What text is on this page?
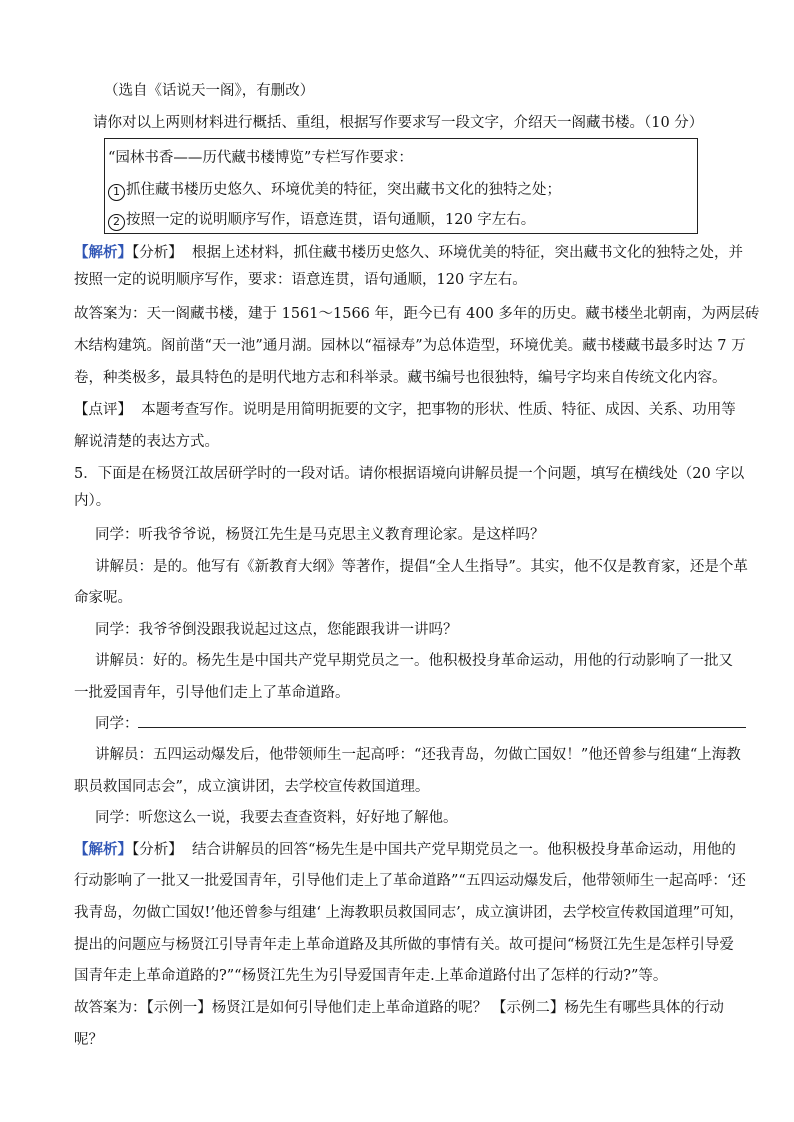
（选自《话说天一阁》，有删改）
请你对以上两则材料进行概括、重组，根据写作要求写一段文字，介绍天一阁藏书楼。（10 分）
“园林书香——历代藏书楼博览”专栏写作要求：
1 抓住藏书楼历史悠久、环境优美的特征，突出藏书文化的独特之处；
2 按照一定的说明顺序写作，语意连贯，语句通顺，120 字左右。
【解析】【分析】 根据上述材料，抓住藏书楼历史悠久、环境优美的特征，突出藏书文化的独特之处，并
按照一定的说明顺序写作，要求：语意连贯，语句通顺，120 字左右。
故答案为：天一阁藏书楼，建于 1561～1566 年，距今已有 400 多年的历史。藏书楼坐北朝南，为两层砖
木结构建筑。阁前凿“天一池”通月湖。园林以“福禄寿”为总体造型，环境优美。藏书楼藏书最多时达 7 万
卷，种类极多，最具特色的是明代地方志和科举录。藏书编号也很独特，编号字均来自传统文化内容。
【点评】 本题考查写作。说明是用简明扼要的文字，把事物的形状、性质、特征、成因、关系、功用等
解说清楚的表达方式。
5．下面是在杨贤江故居研学时的一段对话。请你根据语境向讲解员提一个问题，填写在横线处（20 字以
内）。
同学：听我爷爷说，杨贤江先生是马克思主义教育理论家。是这样吗？
讲解员：是的。他写有《新教育大纲》等著作，提倡“全人生指导”。其实，他不仅是教育家，还是个革
命家呢。
同学：我爷爷倒没跟我说起过这点，您能跟我讲一讲吗？
讲解员：好的。杨先生是中国共产党早期党员之一。他积极投身革命运动，用他的行动影响了一批又
一批爱国青年，引导他们走上了革命道路。
同学：
讲解员：五四运动爆发后，他带领师生一起高呼：“还我青岛，勿做亡国奴！”他还曾参与组建“上海教
职员救国同志会”，成立演讲团，去学校宣传救国道理。
同学：听您这么一说，我要去查查资料，好好地了解他。
【解析】【分析】 结合讲解员的回答“杨先生是中国共产党早期党员之一。他积极投身革命运动，用他的
行动影响了一批又一批爱国青年，引导他们走上了革命道路”“五四运动爆发后，他带领师生一起高呼：‘还
我青岛，勿做亡国奴!’他还曾参与组建‘ 上海教职员救国同志’，成立演讲团，去学校宣传救国道理”可知，
提出的问题应与杨贤江引导青年走上革命道路及其所做的事情有关。故可提问“杨贤江先生是怎样引导爱
国青年走上革命道路的?”“杨贤江先生为引导爱国青年走.上革命道路付出了怎样的行动?”等。
故答案为：【示例一】杨贤江是如何引导他们走上革命道路的呢？ 【示例二】杨先生有哪些具体的行动
呢？
